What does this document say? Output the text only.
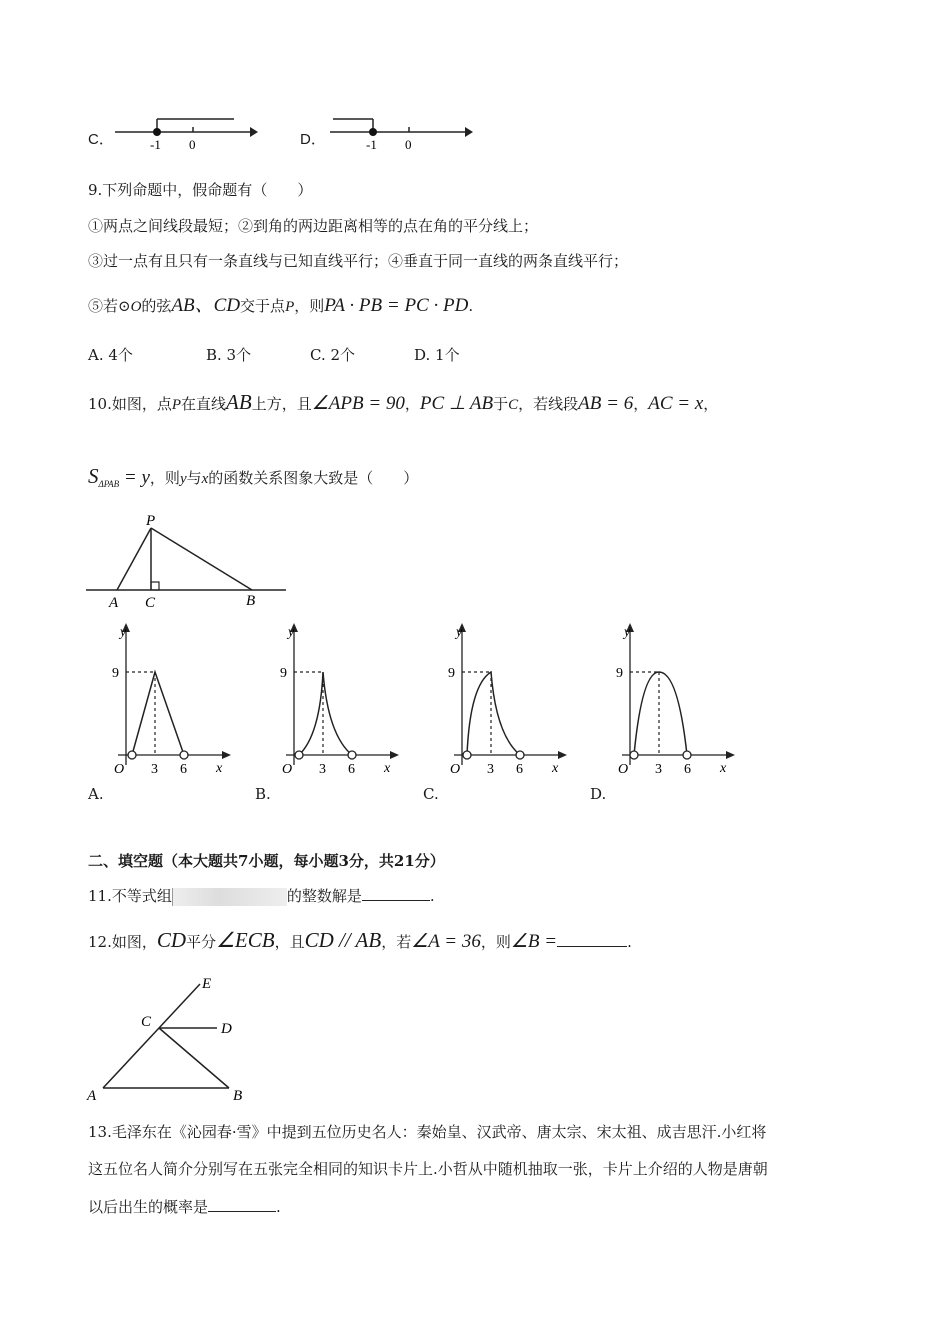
C．	-1 0	D．	-1 0
9.下列命题中，假命题有（　　）
①两点之间线段最短；②到角的两边距离相等的点在角的平分线上；
③过一点有且只有一条直线与已知直线平行；④垂直于同一直线的两条直线平行；
⑤若⊙O的弦AB、CD交于点P，则PA · PB = PC · PD.
A. 4个	B. 3个	C. 2个	D. 1个
10.如图，点P在直线AB上方，且∠APB = 90，PC ⊥ AB于C，若线段AB = 6，AC = x，
$S_{\Delta PAB} = y$，则y与x的函数关系图象大致是（　　）
P
A C	B
y
9
O 3 6 x
y
9
O 3 6 x
y
9
O 3 6 x
y
9
O 3 6 x
A.	B.	C.	D.
二、填空题（本大题共7小题，每小题3分，共21分）
11.不等式组	的整数解是	.
12.如图，CD平分∠ECB，且CD // AB，若∠A = 36，则∠B =	.
E
C	D
A	B
13.毛泽东在《沁园春·雪》中提到五位历史名人：秦始皇、汉武帝、唐太宗、宋太祖、成吉思汗.小红将
这五位名人简介分别写在五张完全相同的知识卡片上.小哲从中随机抽取一张，卡片上介绍的人物是唐朝
以后出生的概率是	.
